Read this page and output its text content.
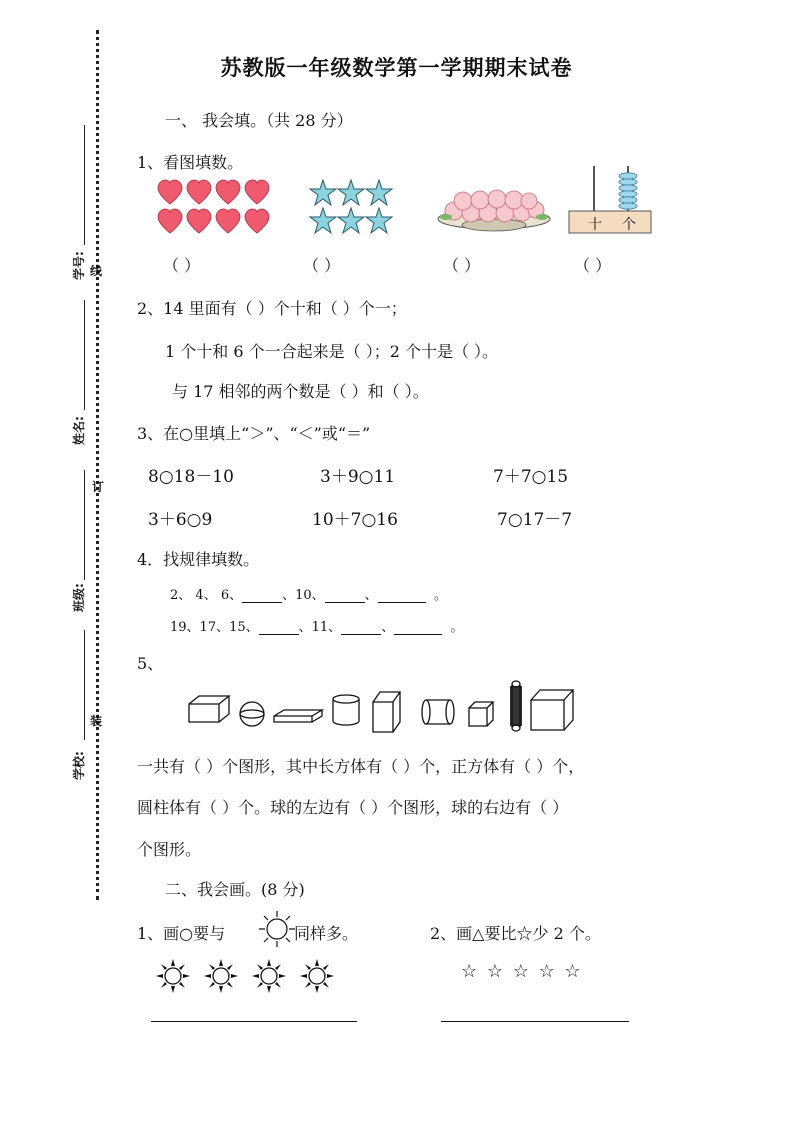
学号:
姓名:
班级:
学校:
线
订
装
苏教版一年级数学第一学期期末试卷
一、 我会填。（共 28 分）
1、看图填数。
十 个
（ ）	（ ）	（ ）	（ ）
2、14 里面有（ ）个十和（ ）个一；
1 个十和 6 个一合起来是（ ）；2 个十是（ ）。
与 17 相邻的两个数是（ ）和（ ）。
3、在○里填上“＞”、“＜”或“＝”
8○18－10	3＋9○11	7＋7○15
3＋6○9	10＋7○16	7○17－7
4．找规律填数。
2、 4、 6、	、10、	、	。
19、17、15、	、11、	、	。
5、
一共有（ ）个图形，其中长方体有（ ）个，正方体有（ ）个，
圆柱体有（ ）个。球的左边有（ ）个图形，球的右边有（ ）
个图形。
二、我会画。(8 分)
1、画○要与	同样多。	2、画△要比☆少 2 个。
☆ ☆ ☆ ☆ ☆
